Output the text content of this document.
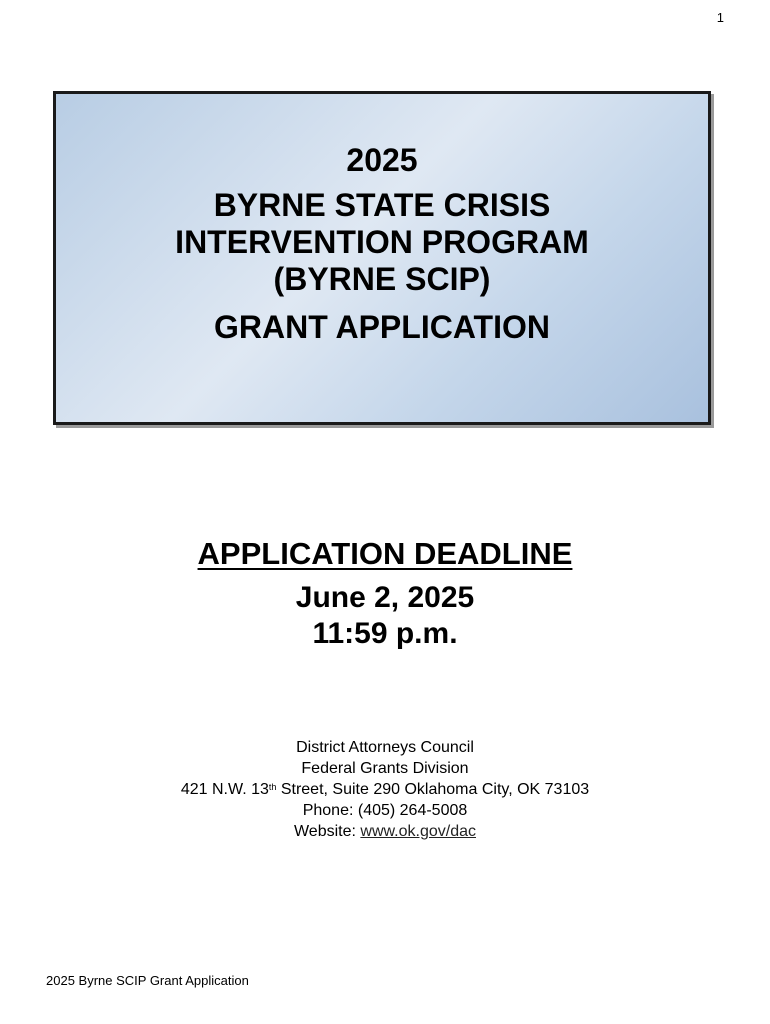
1
2025
BYRNE STATE CRISIS
INTERVENTION PROGRAM
(BYRNE SCIP)
GRANT APPLICATION
APPLICATION DEADLINE
June 2, 2025
11:59 p.m.
District Attorneys Council
Federal Grants Division
421 N.W. 13th Street, Suite 290 Oklahoma City, OK 73103
Phone: (405) 264-5008
Website: www.ok.gov/dac
2025 Byrne SCIP Grant Application
